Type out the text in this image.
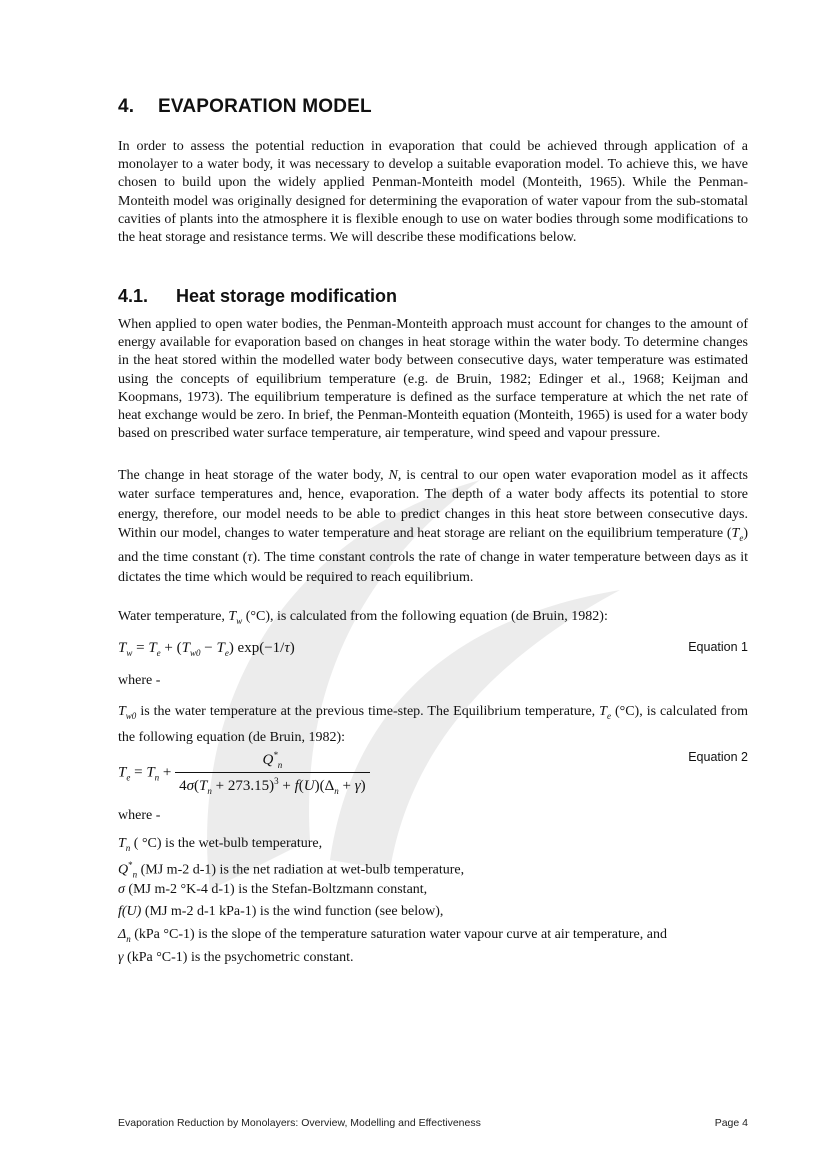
4. EVAPORATION MODEL

In order to assess the potential reduction in evaporation that could be achieved through application of a monolayer to a water body, it was necessary to develop a suitable evaporation model. To achieve this, we have chosen to build upon the widely applied Penman-Monteith model (Monteith, 1965). While the Penman-Monteith model was originally designed for determining the evaporation of water vapour from the sub-stomatal cavities of plants into the atmosphere it is flexible enough to use on water bodies through some modifications to the heat storage and resistance terms. We will describe these modifications below.

4.1. Heat storage modification

When applied to open water bodies, the Penman-Monteith approach must account for changes to the amount of energy available for evaporation based on changes in heat storage within the water body. To determine changes in the heat stored within the modelled water body between consecutive days, water temperature was estimated using the concepts of equilibrium temperature (e.g. de Bruin, 1982; Edinger et al., 1968; Keijman and Koopmans, 1973). The equilibrium temperature is defined as the surface temperature at which the net rate of heat exchange would be zero. In brief, the Penman-Monteith equation (Monteith, 1965) is used for a water body based on prescribed water surface temperature, air temperature, wind speed and vapour pressure.

The change in heat storage of the water body, N, is central to our open water evaporation model as it affects water surface temperatures and, hence, evaporation. The depth of a water body affects its potential to store energy, therefore, our model needs to be able to predict changes in this heat store between consecutive days. Within our model, changes to water temperature and heat storage are reliant on the equilibrium temperature $(T_e)$ and the time constant (τ). The time constant controls the rate of change in water temperature between days as it dictates the time which would be required to reach equilibrium.

Water temperature, $T_w$ (°C), is calculated from the following equation (de Bruin, 1982):

$T_w = T_e + (T_{w0} - T_e)$ exp(−1/τ)	Equation 1

where -

$T_{w0}$ is the water temperature at the previous time-step. The Equilibrium temperature, $T_e$ (°C), is calculated from the following equation (de Bruin, 1982):

$T_e = T_n + \frac{Q^*_n}{4\sigma(T_n + 273.15)^3 + f(U)(\Delta_n + \gamma)}$	Equation 2

where -

$T_n$ ( °C) is the wet-bulb temperature,

$Q^*_n$ (MJ m-2 d-1) is the net radiation at wet-bulb temperature,

σ (MJ m-2 °K-4 d-1) is the Stefan-Boltzmann constant,

f(U) (MJ m-2 d-1 kPa-1) is the wind function (see below),

$\Delta_n$ (kPa °C-1) is the slope of the temperature saturation water vapour curve at air temperature, and

γ (kPa °C-1) is the psychometric constant.

Evaporation Reduction by Monolayers: Overview, Modelling and Effectiveness	Page 4
